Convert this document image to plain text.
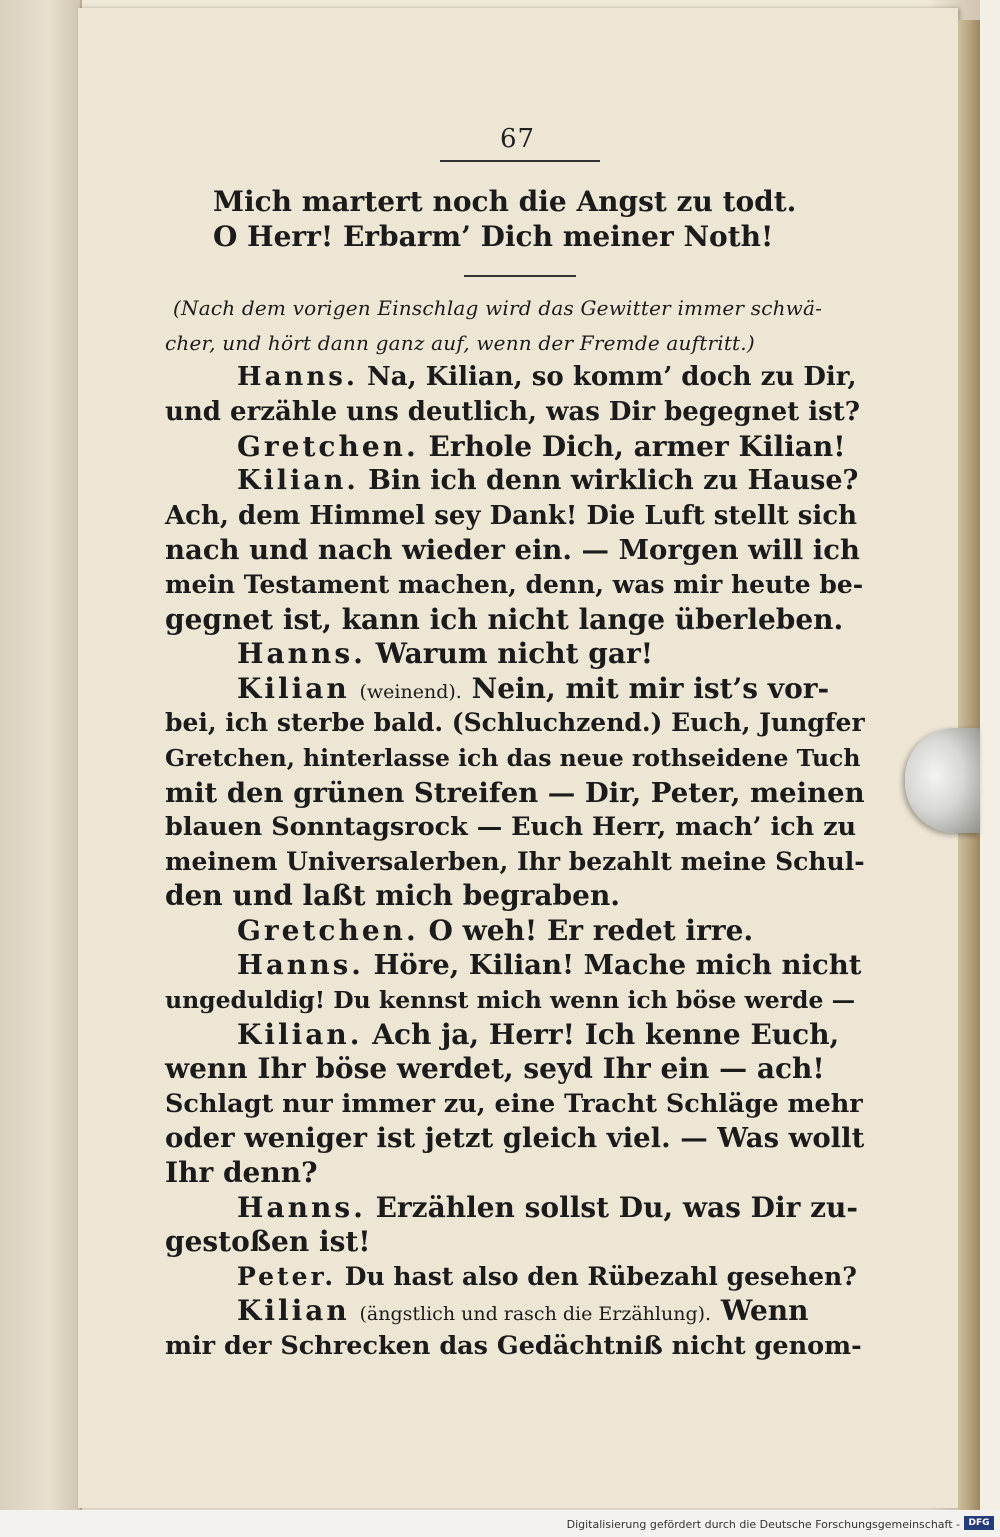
67
Mich martert noch die Angst zu todt.
O Herr! Erbarm’ Dich meiner Noth!
(Nach dem vorigen Einschlag wird das Gewitter immer schwä-
cher, und hört dann ganz auf, wenn der Fremde auftritt.)
Hanns. Na, Kilian, so komm’ doch zu Dir,
und erzähle uns deutlich, was Dir begegnet ist?
Gretchen. Erhole Dich, armer Kilian!
Kilian. Bin ich denn wirklich zu Hause?
Ach, dem Himmel sey Dank! Die Luft stellt sich
nach und nach wieder ein. — Morgen will ich
mein Testament machen, denn, was mir heute be-
gegnet ist, kann ich nicht lange überleben.
Hanns. Warum nicht gar!
Kilian (weinend). Nein, mit mir ist’s vor-
bei, ich sterbe bald. (Schluchzend.) Euch, Jungfer
Gretchen, hinterlasse ich das neue rothseidene Tuch
mit den grünen Streifen — Dir, Peter, meinen
blauen Sonntagsrock — Euch Herr, mach’ ich zu
meinem Universalerben, Ihr bezahlt meine Schul-
den und laßt mich begraben.
Gretchen. O weh! Er redet irre.
Hanns. Höre, Kilian! Mache mich nicht
ungeduldig! Du kennst mich wenn ich böse werde —
Kilian. Ach ja, Herr! Ich kenne Euch,
wenn Ihr böse werdet, seyd Ihr ein — ach!
Schlagt nur immer zu, eine Tracht Schläge mehr
oder weniger ist jetzt gleich viel. — Was wollt
Ihr denn?
Hanns. Erzählen sollst Du, was Dir zu-
gestoßen ist!
Peter. Du hast also den Rübezahl gesehen?
Kilian (ängstlich und rasch die Erzählung). Wenn
mir der Schrecken das Gedächtniß nicht genom-
Digitalisierung gefördert durch die Deutsche Forschungsgemeinschaft - DFG
